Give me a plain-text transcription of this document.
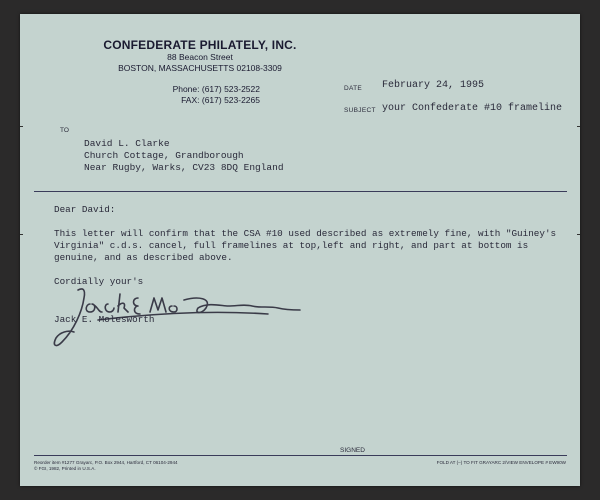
CONFEDERATE PHILATELY, INC.
88 Beacon Street
BOSTON, MASSACHUSETTS 02108-3309
Phone: (617) 523-2522
FAX: (617) 523-2265
DATE February 24, 1995
SUBJECT your Confederate #10 frameline
TO
David L. Clarke
Church Cottage, Grandborough
Near Rugby, Warks, CV23 8DQ England

Dear David:

This letter will confirm that the CSA #10 used described as extremely fine, with "Guiney's Virginia" c.d.s. cancel, full framelines at top,left and right, and part at bottom is genuine, and as described above.

Cordially your's

Jack E. Molesworth
SIGNED
Reorder item #1277 Grayarc, P.O. Box 2944, Hartford, CT 06104-2944
© FGI, 1982, Printed in U.S.A.
FOLD AT (–) TO FIT GRAYARC 2/VIEW ENVELOPE # EW90W
